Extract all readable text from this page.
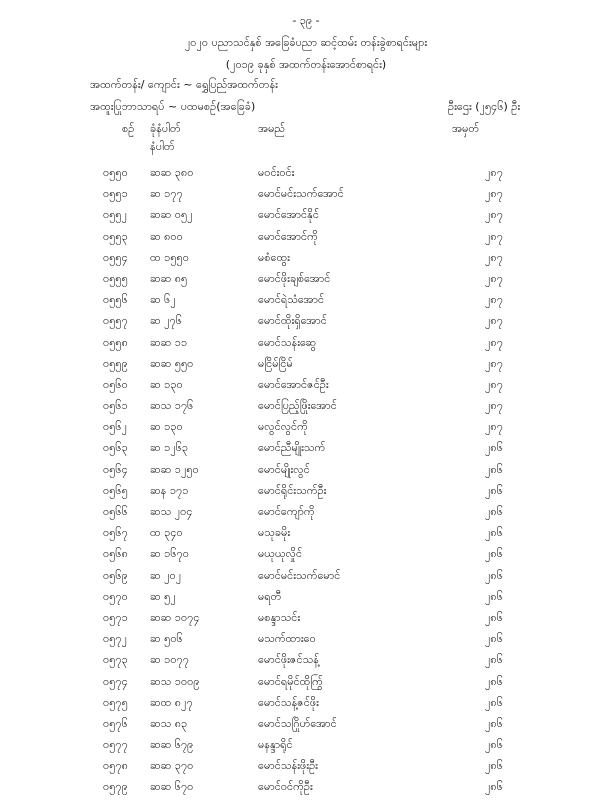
- ၃၉ -
၂၀၂၀ ပညာသင်နှစ် အခြေခံပညာ ဆင့်ထမ်း တန်းခွဲစာရင်းများ
(၂၀၁၉ ခုနှစ် အထက်တန်းအောင်စာရင်း)
အထက်တန်း/ ကျောင်း ~ ရွှေပြည်အထက်တန်း
အထူးပြုဘာသာရပ် ~ ပထမစဉ်(အခြေခံ)	ဦးဌေး (၂၅၄၆) ဦး
စဉ် ခုံနံပါတ်	အမည်	အမှတ်
နံပါတ်
၀၅၅၀ ဆဆ ၃၈၀	မဝင်းဝင်း	၂၈၇
၀၅၅၁ ဆ ၁၇၇	မောင်မင်းသက်အောင်	၂၈၇
၀၅၅၂ ဆဆ ၀၅၂	မောင်အောင်နိုင်	၂၈၇
၀၅၅၃ ဆ ၈၀၀	မောင်အောင်ကို	၂၈၇
၀၅၅၄ ထ ၁၅၅၀	မစံထွေး	၂၈၇
၀၅၅၅ ဆဆ ၈၅	မောင်ဖိုးချစ်အောင်	၂၈၇
၀၅၅၆ ဆ ၆၂	မောင်ရဲသံအောင်	၂၈၇
၀၅၅၇ ဆ ၂၇၆	မောင်ထိုးရှိအောင်	၂၈၇
၀၅၅၈ ဆဆ ၁၁	မောင်သန်းဆွေ	၂၈၇
၀၅၅၉ ဆဆ ၅၅၀	မငြိမ်ငြိမ်	၂၈၇
၀၅၆၀ ဆ ၁၃၀	မောင်အောင်ဇင်ဦး	၂၈၇
၀၅၆၁ ဆသ ၁၇၆	မောင်ပြည့်ဖြိုးအောင်	၂၈၇
၀၅၆၂ ဆ ၁၃၀	မလွင်လွင်ကို	၂၈၇
၀၅၆၃ ဆ ၁၂၆၃	မောင်ညီမျိုးသက်	၂၈၆
၀၅၆၄ ဆဆ ၁၂၅၀	မောင်မျိုးလွင်	၂၈၆
၀၅၆၅ ဆန ၁၇၁	မောင်ရိုင်းသက်ဦး	၂၈၆
၀၅၆၆ ဆသ ၂၀၄	မောင်ကျော်ကို	၂၈၆
၀၅၆၇ ထ ၃၄၀	မသုခမိုး	၂၈၆
၀၅၆၈ ဆ ၁၆၇၀	မယုယုလှိုင်	၂၈၆
၀၅၆၉ ဆ ၂၀၂	မောင်မင်းသက်မောင်	၂၈၆
၀၅၇၀ ဆ ၅၂	မရတီ	၂၈၆
၀၅၇၁ ဆဆ ၁၀၇၄	မစန္ဒာသင်း	၂၈၆
၀၅၇၂ ဆ ၅၀၆	မသက်ထားဝေ	၂၈၆
၀၅၇၃ ဆ ၁၀၇၇	မောင်ဖိုးဇင်သန့်	၂၈၆
၀၅၇၄ ဆသ ၁၀၀၉	မောင်ရမိုင်ထိုကြွ်	၂၈၆
၀၅၇၅ ဆထ ၈၂၇	မောင်သန့်ဇင်ဖိုး	၂၈၆
၀၅၇၆ ဆသ ၈၃	မောင်သဂြိုဟ်အောင်	၂၈၆
၀၅၇၇ ဆဆ ၆၇၉	မနန္ဒာရိုင်	၂၈၆
၀၅၇၈ ဆဆ ၃၇၀	မောင်သန်းဖိုးဦး	၂၈၆
၀၅၇၉ ဆဆ ၆၇၀	မောင်ဝင်ကိုဦး	၂၈၆
